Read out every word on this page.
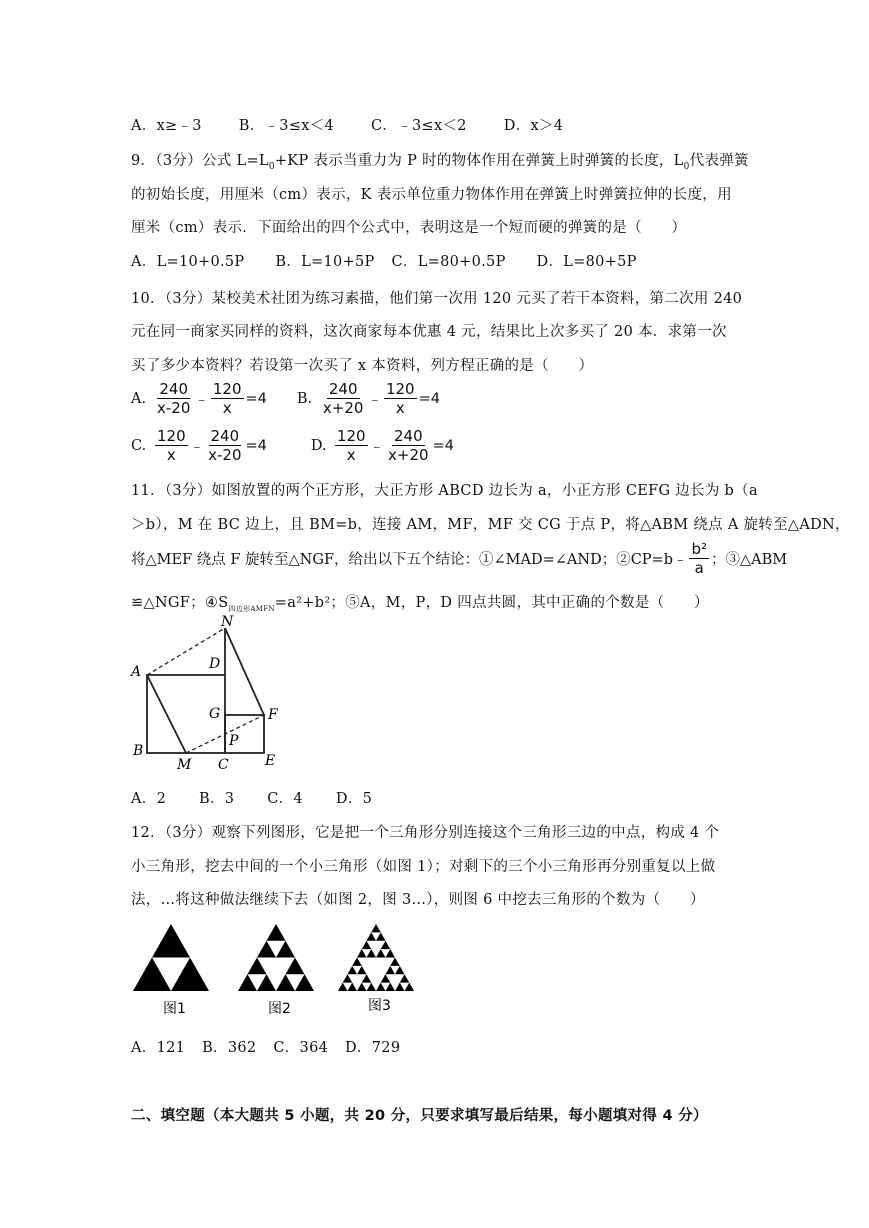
A．x≥﹣3	B．﹣3≤x＜4	C．﹣3≤x＜2	D．x＞4
9．（3分）公式 $L=L_0+KP$ 表示当重力为 P 时的物体作用在弹簧上时弹簧的长度，$L_0$代表弹簧
的初始长度，用厘米（cm）表示，K 表示单位重力物体作用在弹簧上时弹簧拉伸的长度，用
厘米（cm）表示．下面给出的四个公式中，表明这是一个短而硬的弹簧的是（　　）
A．L=10+0.5P B．L=10+5P C．L=80+0.5P D．L=80+5P
10．（3分）某校美术社团为练习素描，他们第一次用 120 元买了若干本资料，第二次用 240
元在同一商家买同样的资料，这次商家每本优惠 4 元，结果比上次多买了 20 本．求第一次
买了多少本资料？若设第一次买了 x 本资料，列方程正确的是（　　）
A. $\frac{240}{x-20}$ ﹣ $\frac{120}{x} =4$ B. $\frac{240}{x+20}$ ﹣ $\frac{120}{x} =4$
C. $\frac{120}{x}$ ﹣ $\frac{240}{x-20} =4$	D. $\frac{120}{x}$ ﹣ $\frac{240}{x+20} =4$
11．（3分）如图放置的两个正方形，大正方形 ABCD 边长为 a，小正方形 CEFG 边长为 b（a
＞b），M 在 BC 边上，且 BM=b，连接 AM，MF，MF 交 CG 于点 P，将△ABM 绕点 A 旋转至△ADN，
将△MEF 绕点 F 旋转至△NGF，给出以下五个结论：①∠MAD=∠AND；②CP=b﹣ $\frac{\text{b²}}{a}$ ；③△ABM
≌△NGF；$④S_{四边形AMFN}=a^2+b^2$；⑤A，M，P，D 四点共圆，其中正确的个数是（　　）
N
D
A
G	F
P
B
M C	E
A．2 B．3 C．4 D．5
12．（3分）观察下列图形，它是把一个三角形分别连接这个三角形三边的中点，构成 4 个
小三角形，挖去中间的一个小三角形（如图 1）；对剩下的三个小三角形再分别重复以上做
法，…将这种做法继续下去（如图 2，图 3…），则图 6 中挖去三角形的个数为（　　）
图1	图2	图3
A．121 B．362 C．364 D．729
二、填空题（本大题共 5 小题，共 20 分，只要求填写最后结果，每小题填对得 4 分）
